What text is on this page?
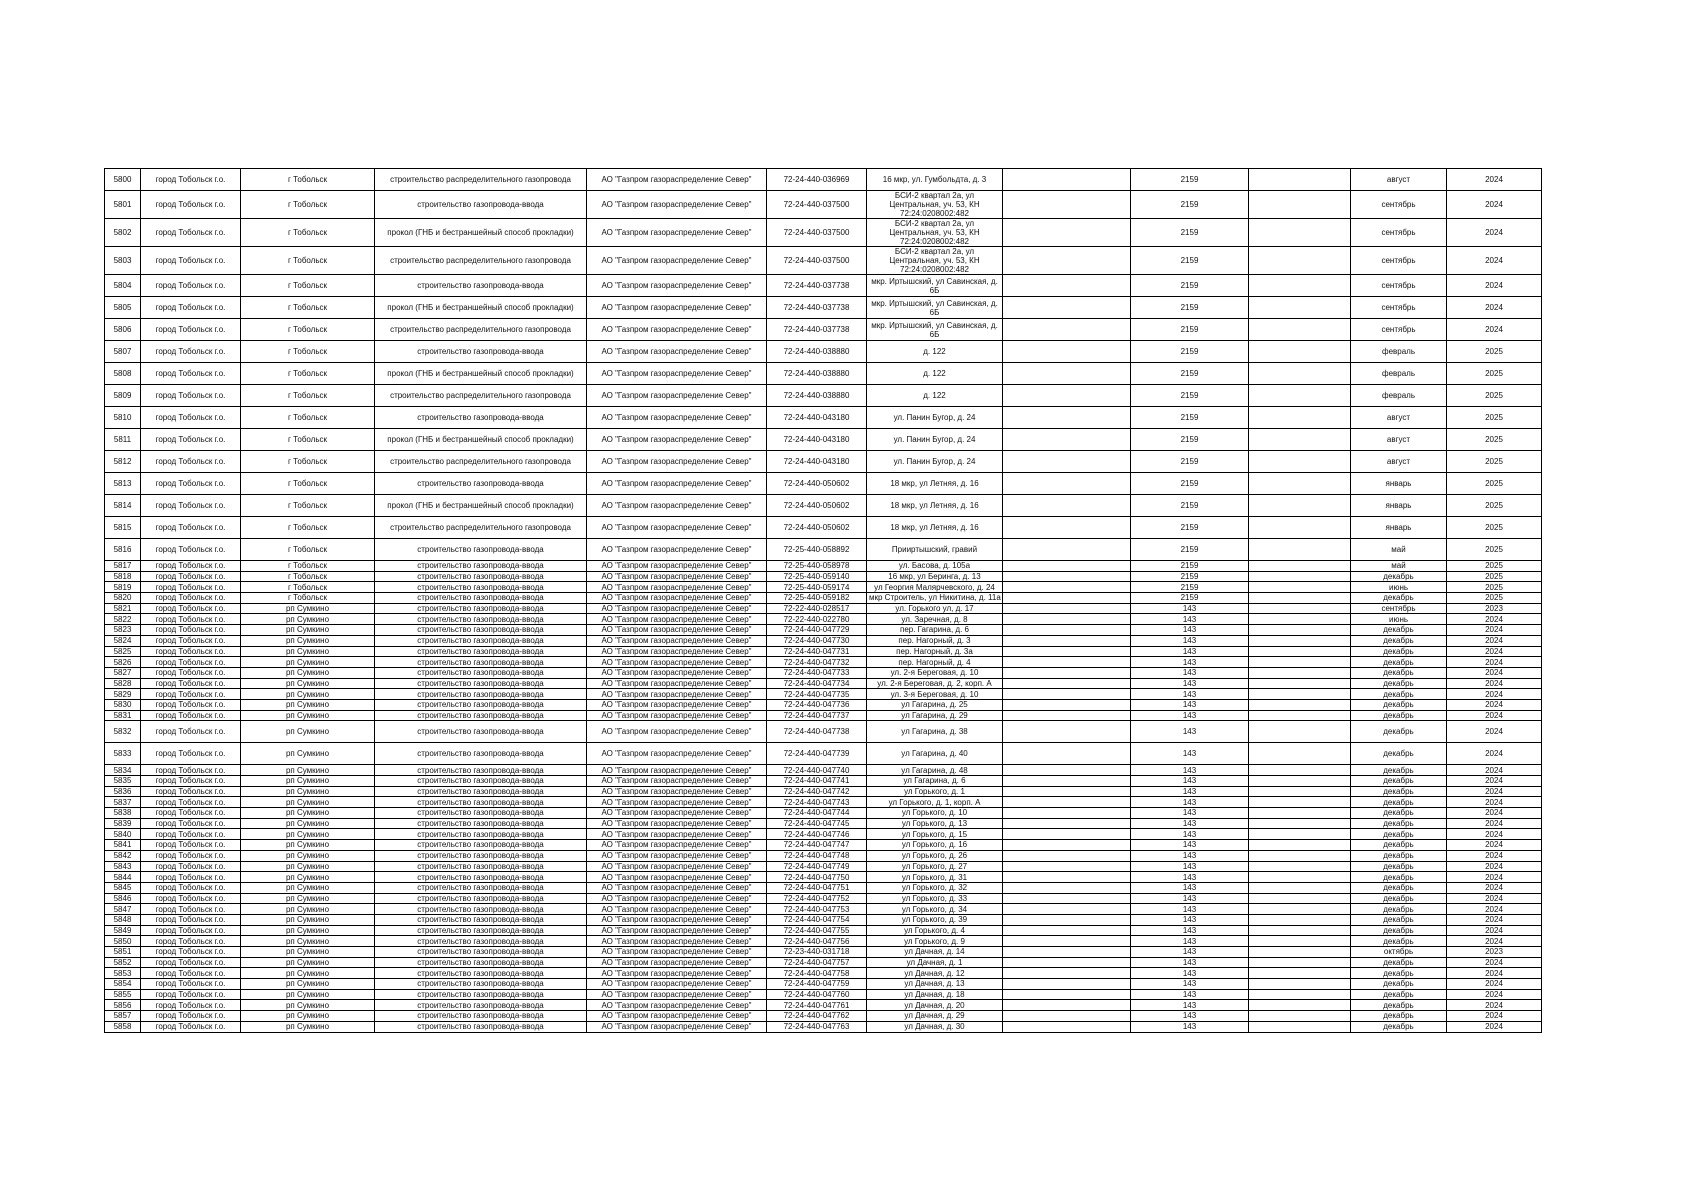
5800	город Тобольск г.о.	г Тобольск	строительство распределительного газопровода	АО "Газпром газораспределение Север"	72-24-440-036969	16 мкр, ул. Гумбольдта, д. 3		2159		август	2024
5801	город Тобольск г.о.	г Тобольск	строительство газопровода-ввода	АО "Газпром газораспределение Север"	72-24-440-037500	БСИ-2 квартал 2а, ул Центральная, уч. 53, КН 72:24:0208002:482		2159		сентябрь	2024
5802	город Тобольск г.о.	г Тобольск	прокол (ГНБ и бестраншейный способ прокладки)	АО "Газпром газораспределение Север"	72-24-440-037500	БСИ-2 квартал 2а, ул Центральная, уч. 53, КН 72:24:0208002:482		2159		сентябрь	2024
5803	город Тобольск г.о.	г Тобольск	строительство распределительного газопровода	АО "Газпром газораспределение Север"	72-24-440-037500	БСИ-2 квартал 2а, ул Центральная, уч. 53, КН 72:24:0208002:482		2159		сентябрь	2024
5804	город Тобольск г.о.	г Тобольск	строительство газопровода-ввода	АО "Газпром газораспределение Север"	72-24-440-037738	мкр. Иртышский, ул Савинская, д. 6Б		2159		сентябрь	2024
5805	город Тобольск г.о.	г Тобольск	прокол (ГНБ и бестраншейный способ прокладки)	АО "Газпром газораспределение Север"	72-24-440-037738	мкр. Иртышский, ул Савинская, д. 6Б		2159		сентябрь	2024
5806	город Тобольск г.о.	г Тобольск	строительство распределительного газопровода	АО "Газпром газораспределение Север"	72-24-440-037738	мкр. Иртышский, ул Савинская, д. 6Б		2159		сентябрь	2024
5807	город Тобольск г.о.	г Тобольск	строительство газопровода-ввода	АО "Газпром газораспределение Север"	72-24-440-038880	д. 122		2159		февраль	2025
5808	город Тобольск г.о.	г Тобольск	прокол (ГНБ и бестраншейный способ прокладки)	АО "Газпром газораспределение Север"	72-24-440-038880	д. 122		2159		февраль	2025
5809	город Тобольск г.о.	г Тобольск	строительство распределительного газопровода	АО "Газпром газораспределение Север"	72-24-440-038880	д. 122		2159		февраль	2025
5810	город Тобольск г.о.	г Тобольск	строительство газопровода-ввода	АО "Газпром газораспределение Север"	72-24-440-043180	ул. Панин Бугор, д. 24		2159		август	2025
5811	город Тобольск г.о.	г Тобольск	прокол (ГНБ и бестраншейный способ прокладки)	АО "Газпром газораспределение Север"	72-24-440-043180	ул. Панин Бугор, д. 24		2159		август	2025
5812	город Тобольск г.о.	г Тобольск	строительство распределительного газопровода	АО "Газпром газораспределение Север"	72-24-440-043180	ул. Панин Бугор, д. 24		2159		август	2025
5813	город Тобольск г.о.	г Тобольск	строительство газопровода-ввода	АО "Газпром газораспределение Север"	72-24-440-050602	18 мкр, ул Летняя, д. 16		2159		январь	2025
5814	город Тобольск г.о.	г Тобольск	прокол (ГНБ и бестраншейный способ прокладки)	АО "Газпром газораспределение Север"	72-24-440-050602	18 мкр, ул Летняя, д. 16		2159		январь	2025
5815	город Тобольск г.о.	г Тобольск	строительство распределительного газопровода	АО "Газпром газораспределение Север"	72-24-440-050602	18 мкр, ул Летняя, д. 16		2159		январь	2025
5816	город Тобольск г.о.	г Тобольск	строительство газопровода-ввода	АО "Газпром газораспределение Север"	72-25-440-058892	Прииртышский, гравий		2159		май	2025
5817	город Тобольск г.о.	г Тобольск	строительство газопровода-ввода	АО "Газпром газораспределение Север"	72-25-440-058978	ул. Басова, д. 105а		2159		май	2025
5818	город Тобольск г.о.	г Тобольск	строительство газопровода-ввода	АО "Газпром газораспределение Север"	72-25-440-059140	16 мкр, ул Беринга, д. 13		2159		декабрь	2025
5819	город Тобольск г.о.	г Тобольск	строительство газопровода-ввода	АО "Газпром газораспределение Север"	72-25-440-059174	ул Георгия Малярчевского, д. 24		2159		июнь	2025
5820	город Тобольск г.о.	г Тобольск	строительство газопровода-ввода	АО "Газпром газораспределение Север"	72-25-440-059182	мкр Строитель, ул Никитина, д. 11а		2159		декабрь	2025
5821	город Тобольск г.о.	рп Сумкино	строительство газопровода-ввода	АО "Газпром газораспределение Север"	72-22-440-028517	ул. Горького ул, д. 17		143		сентябрь	2023
5822	город Тобольск г.о.	рп Сумкино	строительство газопровода-ввода	АО "Газпром газораспределение Север"	72-22-440-022780	ул. Заречная, д. 8		143		июнь	2024
5823	город Тобольск г.о.	рп Сумкино	строительство газопровода-ввода	АО "Газпром газораспределение Север"	72-24-440-047729	пер. Гагарина, д. 6		143		декабрь	2024
5824	город Тобольск г.о.	рп Сумкино	строительство газопровода-ввода	АО "Газпром газораспределение Север"	72-24-440-047730	пер. Нагорный, д. 3		143		декабрь	2024
5825	город Тобольск г.о.	рп Сумкино	строительство газопровода-ввода	АО "Газпром газораспределение Север"	72-24-440-047731	пер. Нагорный, д. 3а		143		декабрь	2024
5826	город Тобольск г.о.	рп Сумкино	строительство газопровода-ввода	АО "Газпром газораспределение Север"	72-24-440-047732	пер. Нагорный, д. 4		143		декабрь	2024
5827	город Тобольск г.о.	рп Сумкино	строительство газопровода-ввода	АО "Газпром газораспределение Север"	72-24-440-047733	ул. 2-я Береговая, д. 10		143		декабрь	2024
5828	город Тобольск г.о.	рп Сумкино	строительство газопровода-ввода	АО "Газпром газораспределение Север"	72-24-440-047734	ул. 2-я Береговая, д. 2, корп. А		143		декабрь	2024
5829	город Тобольск г.о.	рп Сумкино	строительство газопровода-ввода	АО "Газпром газораспределение Север"	72-24-440-047735	ул. 3-я Береговая, д. 10		143		декабрь	2024
5830	город Тобольск г.о.	рп Сумкино	строительство газопровода-ввода	АО "Газпром газораспределение Север"	72-24-440-047736	ул Гагарина, д. 25		143		декабрь	2024
5831	город Тобольск г.о.	рп Сумкино	строительство газопровода-ввода	АО "Газпром газораспределение Север"	72-24-440-047737	ул Гагарина, д. 29		143		декабрь	2024
5832	город Тобольск г.о.	рп Сумкино	строительство газопровода-ввода	АО "Газпром газораспределение Север"	72-24-440-047738	ул Гагарина, д. 38		143		декабрь	2024
5833	город Тобольск г.о.	рп Сумкино	строительство газопровода-ввода	АО "Газпром газораспределение Север"	72-24-440-047739	ул Гагарина, д. 40		143		декабрь	2024
5834	город Тобольск г.о.	рп Сумкино	строительство газопровода-ввода	АО "Газпром газораспределение Север"	72-24-440-047740	ул Гагарина, д. 48		143		декабрь	2024
5835	город Тобольск г.о.	рп Сумкино	строительство газопровода-ввода	АО "Газпром газораспределение Север"	72-24-440-047741	ул Гагарина, д. 6		143		декабрь	2024
5836	город Тобольск г.о.	рп Сумкино	строительство газопровода-ввода	АО "Газпром газораспределение Север"	72-24-440-047742	ул Горького, д. 1		143		декабрь	2024
5837	город Тобольск г.о.	рп Сумкино	строительство газопровода-ввода	АО "Газпром газораспределение Север"	72-24-440-047743	ул Горького, д. 1, корп. А		143		декабрь	2024
5838	город Тобольск г.о.	рп Сумкино	строительство газопровода-ввода	АО "Газпром газораспределение Север"	72-24-440-047744	ул Горького, д. 10		143		декабрь	2024
5839	город Тобольск г.о.	рп Сумкино	строительство газопровода-ввода	АО "Газпром газораспределение Север"	72-24-440-047745	ул Горького, д. 13		143		декабрь	2024
5840	город Тобольск г.о.	рп Сумкино	строительство газопровода-ввода	АО "Газпром газораспределение Север"	72-24-440-047746	ул Горького, д. 15		143		декабрь	2024
5841	город Тобольск г.о.	рп Сумкино	строительство газопровода-ввода	АО "Газпром газораспределение Север"	72-24-440-047747	ул Горького, д. 16		143		декабрь	2024
5842	город Тобольск г.о.	рп Сумкино	строительство газопровода-ввода	АО "Газпром газораспределение Север"	72-24-440-047748	ул Горького, д. 26		143		декабрь	2024
5843	город Тобольск г.о.	рп Сумкино	строительство газопровода-ввода	АО "Газпром газораспределение Север"	72-24-440-047749	ул Горького, д. 27		143		декабрь	2024
5844	город Тобольск г.о.	рп Сумкино	строительство газопровода-ввода	АО "Газпром газораспределение Север"	72-24-440-047750	ул Горького, д. 31		143		декабрь	2024
5845	город Тобольск г.о.	рп Сумкино	строительство газопровода-ввода	АО "Газпром газораспределение Север"	72-24-440-047751	ул Горького, д. 32		143		декабрь	2024
5846	город Тобольск г.о.	рп Сумкино	строительство газопровода-ввода	АО "Газпром газораспределение Север"	72-24-440-047752	ул Горького, д. 33		143		декабрь	2024
5847	город Тобольск г.о.	рп Сумкино	строительство газопровода-ввода	АО "Газпром газораспределение Север"	72-24-440-047753	ул Горького, д. 34		143		декабрь	2024
5848	город Тобольск г.о.	рп Сумкино	строительство газопровода-ввода	АО "Газпром газораспределение Север"	72-24-440-047754	ул Горького, д. 39		143		декабрь	2024
5849	город Тобольск г.о.	рп Сумкино	строительство газопровода-ввода	АО "Газпром газораспределение Север"	72-24-440-047755	ул Горького, д. 4		143		декабрь	2024
5850	город Тобольск г.о.	рп Сумкино	строительство газопровода-ввода	АО "Газпром газораспределение Север"	72-24-440-047756	ул Горького, д. 9		143		декабрь	2024
5851	город Тобольск г.о.	рп Сумкино	строительство газопровода-ввода	АО "Газпром газораспределение Север"	72-23-440-031718	ул Дачная, д. 14		143		октябрь	2023
5852	город Тобольск г.о.	рп Сумкино	строительство газопровода-ввода	АО "Газпром газораспределение Север"	72-24-440-047757	ул Дачная, д. 1		143		декабрь	2024
5853	город Тобольск г.о.	рп Сумкино	строительство газопровода-ввода	АО "Газпром газораспределение Север"	72-24-440-047758	ул Дачная, д. 12		143		декабрь	2024
5854	город Тобольск г.о.	рп Сумкино	строительство газопровода-ввода	АО "Газпром газораспределение Север"	72-24-440-047759	ул Дачная, д. 13		143		декабрь	2024
5855	город Тобольск г.о.	рп Сумкино	строительство газопровода-ввода	АО "Газпром газораспределение Север"	72-24-440-047760	ул Дачная, д. 18		143		декабрь	2024
5856	город Тобольск г.о.	рп Сумкино	строительство газопровода-ввода	АО "Газпром газораспределение Север"	72-24-440-047761	ул Дачная, д. 20		143		декабрь	2024
5857	город Тобольск г.о.	рп Сумкино	строительство газопровода-ввода	АО "Газпром газораспределение Север"	72-24-440-047762	ул Дачная, д. 29		143		декабрь	2024
5858	город Тобольск г.о.	рп Сумкино	строительство газопровода-ввода	АО "Газпром газораспределение Север"	72-24-440-047763	ул Дачная, д. 30		143		декабрь	2024
